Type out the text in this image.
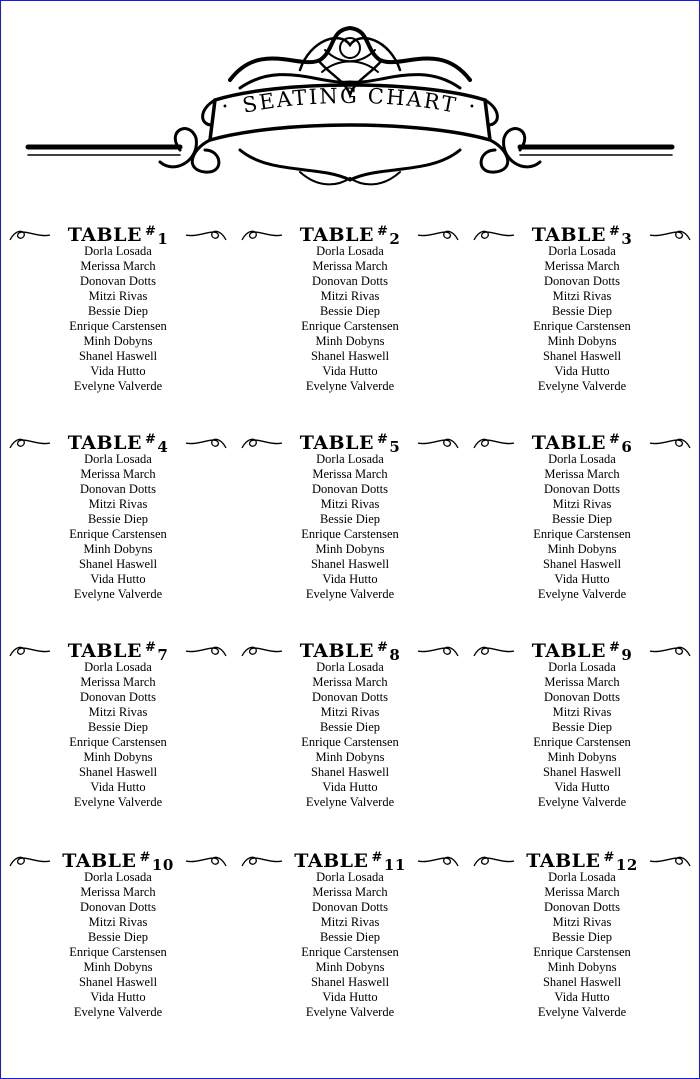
SEATING CHART
•	•
TABLE #1
Dorla Losada
Merissa March
Donovan Dotts
Mitzi Rivas
Bessie Diep
Enrique Carstensen
Minh Dobyns
Shanel Haswell
Vida Hutto
Evelyne Valverde
TABLE #2
Dorla Losada
Merissa March
Donovan Dotts
Mitzi Rivas
Bessie Diep
Enrique Carstensen
Minh Dobyns
Shanel Haswell
Vida Hutto
Evelyne Valverde
TABLE #3
Dorla Losada
Merissa March
Donovan Dotts
Mitzi Rivas
Bessie Diep
Enrique Carstensen
Minh Dobyns
Shanel Haswell
Vida Hutto
Evelyne Valverde
TABLE #4
Dorla Losada
Merissa March
Donovan Dotts
Mitzi Rivas
Bessie Diep
Enrique Carstensen
Minh Dobyns
Shanel Haswell
Vida Hutto
Evelyne Valverde
TABLE #5
Dorla Losada
Merissa March
Donovan Dotts
Mitzi Rivas
Bessie Diep
Enrique Carstensen
Minh Dobyns
Shanel Haswell
Vida Hutto
Evelyne Valverde
TABLE #6
Dorla Losada
Merissa March
Donovan Dotts
Mitzi Rivas
Bessie Diep
Enrique Carstensen
Minh Dobyns
Shanel Haswell
Vida Hutto
Evelyne Valverde
TABLE #7
Dorla Losada
Merissa March
Donovan Dotts
Mitzi Rivas
Bessie Diep
Enrique Carstensen
Minh Dobyns
Shanel Haswell
Vida Hutto
Evelyne Valverde
TABLE #8
Dorla Losada
Merissa March
Donovan Dotts
Mitzi Rivas
Bessie Diep
Enrique Carstensen
Minh Dobyns
Shanel Haswell
Vida Hutto
Evelyne Valverde
TABLE #9
Dorla Losada
Merissa March
Donovan Dotts
Mitzi Rivas
Bessie Diep
Enrique Carstensen
Minh Dobyns
Shanel Haswell
Vida Hutto
Evelyne Valverde
TABLE #10
Dorla Losada
Merissa March
Donovan Dotts
Mitzi Rivas
Bessie Diep
Enrique Carstensen
Minh Dobyns
Shanel Haswell
Vida Hutto
Evelyne Valverde
TABLE #11
Dorla Losada
Merissa March
Donovan Dotts
Mitzi Rivas
Bessie Diep
Enrique Carstensen
Minh Dobyns
Shanel Haswell
Vida Hutto
Evelyne Valverde
TABLE #12
Dorla Losada
Merissa March
Donovan Dotts
Mitzi Rivas
Bessie Diep
Enrique Carstensen
Minh Dobyns
Shanel Haswell
Vida Hutto
Evelyne Valverde
